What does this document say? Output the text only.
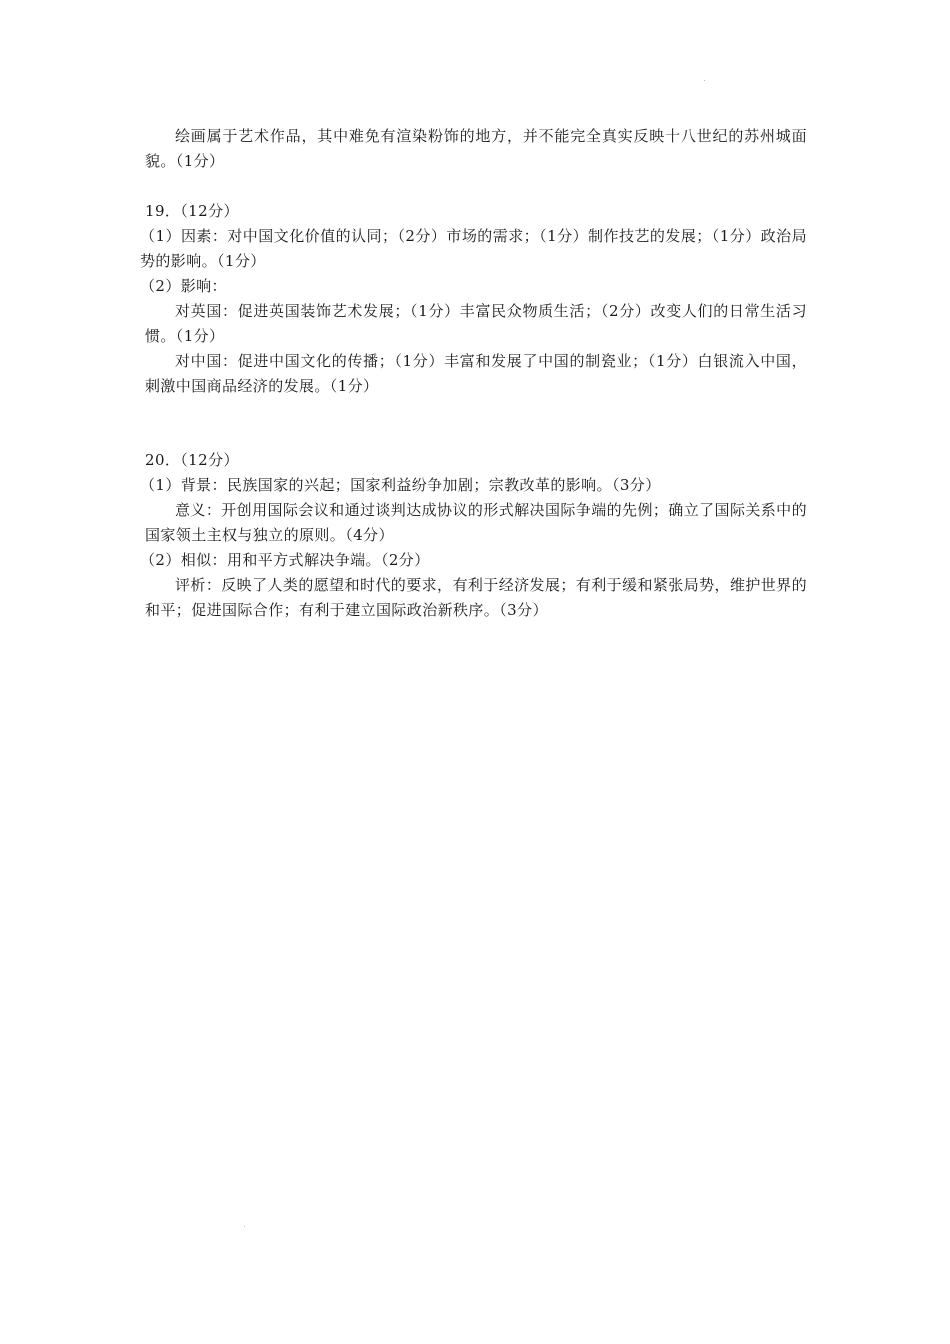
绘画属于艺术作品，其中难免有渲染粉饰的地方，并不能完全真实反映十八世纪的苏州城面貌。（1分）

19．（12分）

（1）因素：对中国文化价值的认同；（2分）市场的需求；（1分）制作技艺的发展；（1分）政治局势的影响。（1分）

（2）影响：

对英国：促进英国装饰艺术发展；（1分）丰富民众物质生活；（2分）改变人们的日常生活习惯。（1分）

对中国：促进中国文化的传播；（1分）丰富和发展了中国的制瓷业；（1分）白银流入中国，刺激中国商品经济的发展。（1分）

20．（12分）

（1）背景：民族国家的兴起；国家利益纷争加剧；宗教改革的影响。（3分）

意义：开创用国际会议和通过谈判达成协议的形式解决国际争端的先例；确立了国际关系中的国家领土主权与独立的原则。（4分）

（2）相似：用和平方式解决争端。（2分）

评析：反映了人类的愿望和时代的要求，有利于经济发展；有利于缓和紧张局势，维护世界的和平；促进国际合作；有利于建立国际政治新秩序。（3分）
